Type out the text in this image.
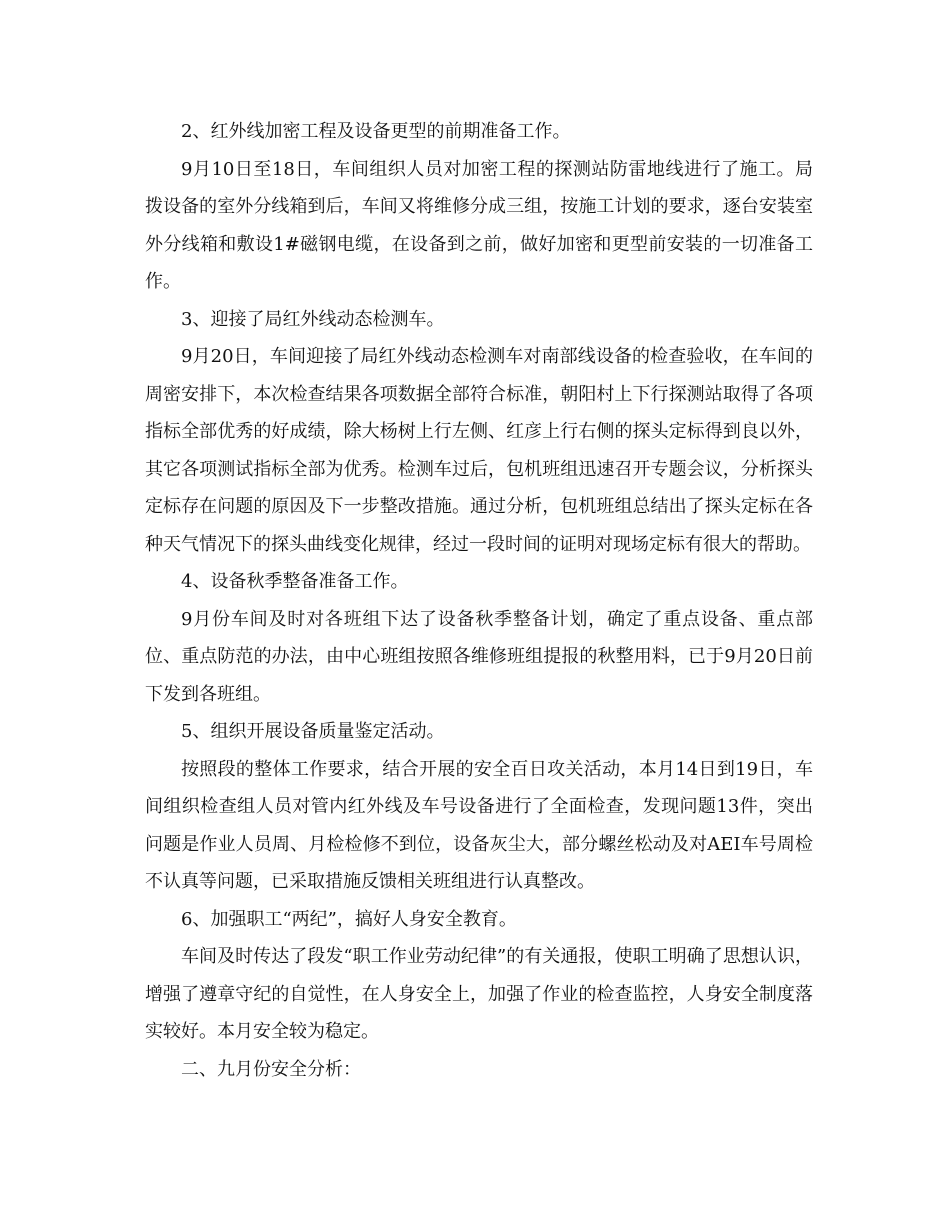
2、红外线加密工程及设备更型的前期准备工作。

9月10日至18日，车间组织人员对加密工程的探测站防雷地线进行了施工。局拨设备的室外分线箱到后，车间又将维修分成三组，按施工计划的要求，逐台安装室外分线箱和敷设1#磁钢电缆，在设备到之前，做好加密和更型前安装的一切准备工作。

3、迎接了局红外线动态检测车。

9月20日，车间迎接了局红外线动态检测车对南部线设备的检查验收，在车间的周密安排下，本次检查结果各项数据全部符合标准，朝阳村上下行探测站取得了各项指标全部优秀的好成绩，除大杨树上行左侧、红彦上行右侧的探头定标得到良以外，其它各项测试指标全部为优秀。检测车过后，包机班组迅速召开专题会议，分析探头定标存在问题的原因及下一步整改措施。通过分析，包机班组总结出了探头定标在各种天气情况下的探头曲线变化规律，经过一段时间的证明对现场定标有很大的帮助。

4、设备秋季整备准备工作。

9月份车间及时对各班组下达了设备秋季整备计划，确定了重点设备、重点部位、重点防范的办法，由中心班组按照各维修班组提报的秋整用料，已于9月20日前下发到各班组。

5、组织开展设备质量鉴定活动。

按照段的整体工作要求，结合开展的安全百日攻关活动，本月14日到19日，车间组织检查组人员对管内红外线及车号设备进行了全面检查，发现问题13件，突出问题是作业人员周、月检检修不到位，设备灰尘大，部分螺丝松动及对AEI车号周检不认真等问题，已采取措施反馈相关班组进行认真整改。

6、加强职工“两纪”，搞好人身安全教育。

车间及时传达了段发“职工作业劳动纪律”的有关通报，使职工明确了思想认识，增强了遵章守纪的自觉性，在人身安全上，加强了作业的检查监控，人身安全制度落实较好。本月安全较为稳定。

二、九月份安全分析：
